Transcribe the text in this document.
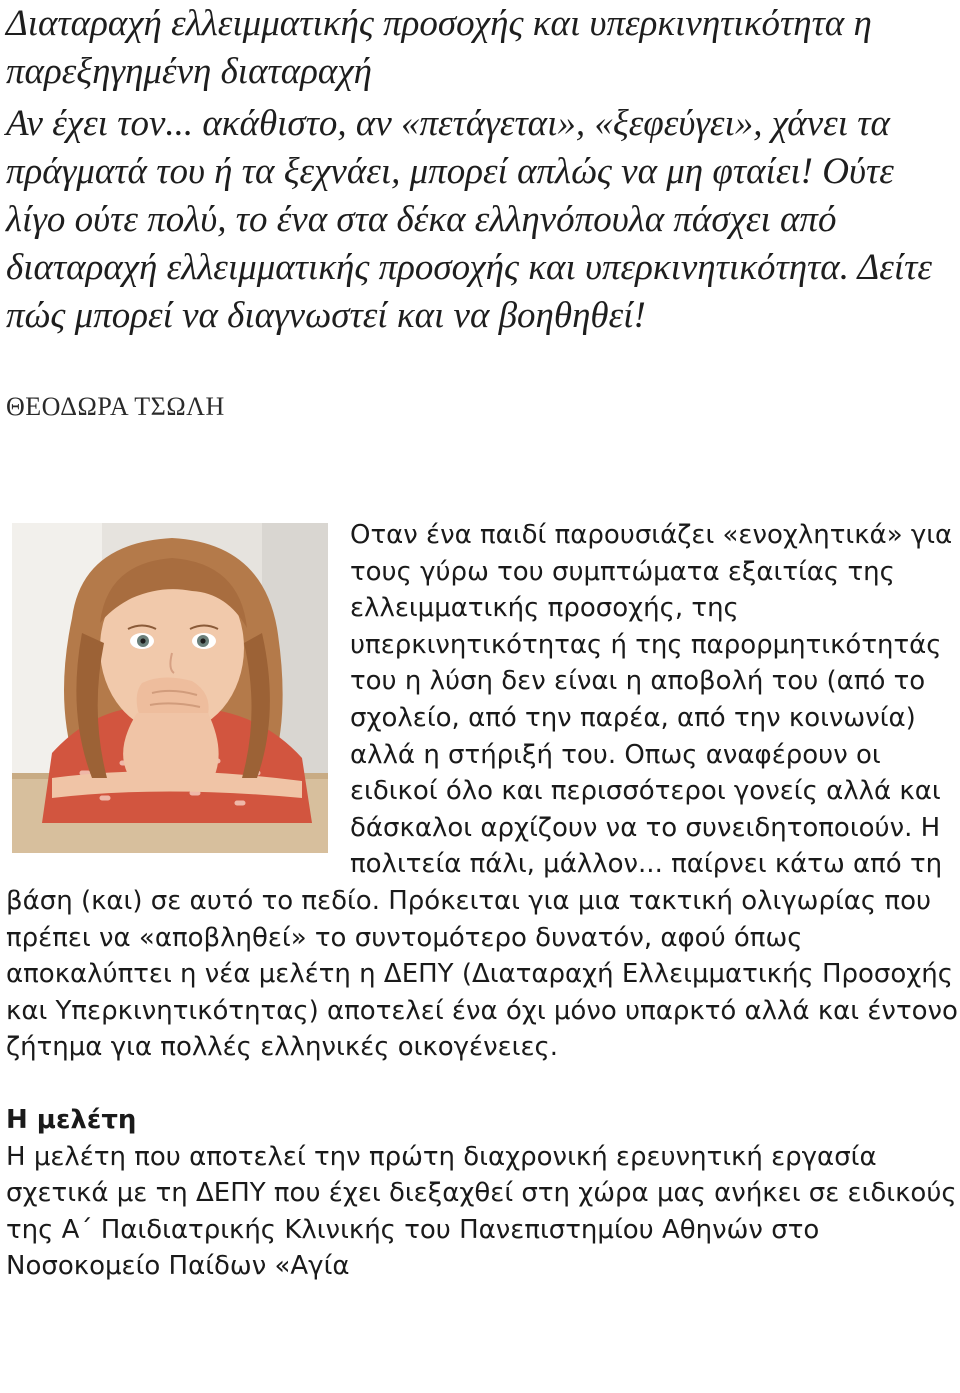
Διαταραχή ελλειμματικής προσοχής και υπερκινητικότητα η παρεξηγημένη διαταραχή

Αν έχει τον... ακάθιστο, αν «πετάγεται», «ξεφεύγει», χάνει τα πράγματά του ή τα ξεχνάει, μπορεί απλώς να μη φταίει! Ούτε λίγο ούτε πολύ, το ένα στα δέκα ελληνόπουλα πάσχει από διαταραχή ελλειμματικής προσοχής και υπερκινητικότητα. Δείτε πώς μπορεί να διαγνωστεί και να βοηθηθεί!

ΘΕΟΔΩΡΑ ΤΣΩΛΗ

Οταν ένα παιδί παρουσιάζει «ενοχλητικά» για τους γύρω του συμπτώματα εξαιτίας της ελλειμματικής προσοχής, της υπερκινητικότητας ή της παρορμητικότητάς του η λύση δεν είναι η αποβολή του (από το σχολείο, από την παρέα, από την κοινωνία) αλλά η στήριξή του. Οπως αναφέρουν οι ειδικοί όλο και περισσότεροι γονείς αλλά και δάσκαλοι αρχίζουν να το συνειδητοποιούν. Η πολιτεία πάλι, μάλλον... παίρνει κάτω από τη βάση (και) σε αυτό το πεδίο. Πρόκειται για μια τακτική ολιγωρίας που πρέπει να «αποβληθεί» το συντομότερο δυνατόν, αφού όπως αποκαλύπτει η νέα μελέτη η ΔΕΠΥ (Διαταραχή Ελλειμματικής Προσοχής και Υπερκινητικότητας) αποτελεί ένα όχι μόνο υπαρκτό αλλά και έντονο ζήτημα για πολλές ελληνικές οικογένειες.

Η μελέτη

Η μελέτη που αποτελεί την πρώτη διαχρονική ερευνητική εργασία σχετικά με τη ΔΕΠΥ που έχει διεξαχθεί στη χώρα μας ανήκει σε ειδικούς της Α΄ Παιδιατρικής Κλινικής του Πανεπιστημίου Αθηνών στο Νοσοκομείο Παίδων «Αγία
